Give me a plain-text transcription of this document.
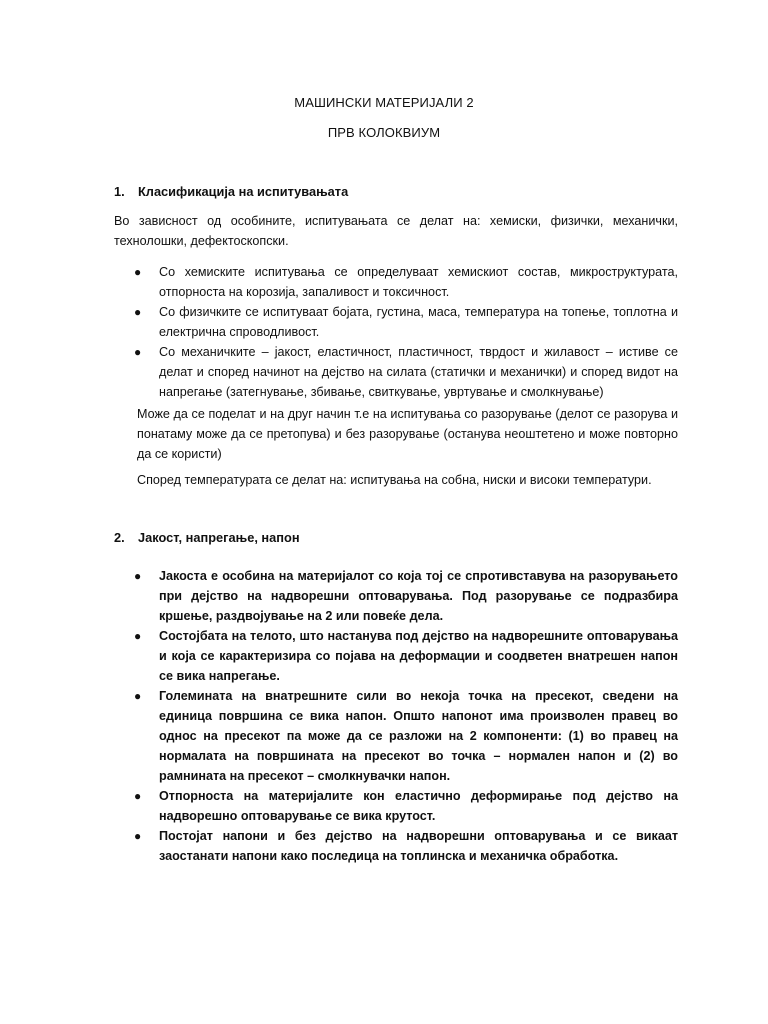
МАШИНСКИ МАТЕРИЈАЛИ 2
ПРВ КОЛОКВИУМ
1. Класификација на испитувањата
Во зависност од особините, испитувањата се делат на: хемиски, физички, механички, технолошки, дефектоскопски.
● Со хемиските испитувања се определуваат хемискиот состав, микроструктурата, отпорноста на корозија, запаливост и токсичност.
● Со физичките се испитуваат бојата, густина, маса, температура на топење, топлотна и електрична спроводливост.
● Со механичките – јакост, еластичност, пластичност, тврдост и жилавост – истиве се делат и според начинот на дејство на силата (статички и механички) и според видот на напрегање (затегнување, збивање, свиткување, увртување и смолкнување)
Може да се поделат и на друг начин т.е на испитувања со разорување (делот се разорува и понатаму може да се претопува) и без разорување (останува неоштетено и може повторно да се користи)
Според температурата се делат на: испитувања на собна, ниски и високи температури.
2. Јакост, напрегање, напон
● Јакоста е особина на материјалот со која тој се спротивставува на разорувањето при дејство на надворешни оптоварувања. Под разорување се подразбира кршење, раздвојување на 2 или повеќе дела.
● Состојбата на телото, што настанува под дејство на надворешните оптоварувања и која се карактеризира со појава на деформации и соодветен внатрешен напон се вика напрегање.
● Големината на внатрешните сили во некоја точка на пресекот, сведени на единица површина се вика напон. Општо напонот има произволен правец во однос на пресекот па може да се разложи на 2 компоненти: (1) во правец на нормалата на површината на пресекот во точка – нормален напон и (2) во рамнината на пресекот – смолкнувачки напон.
● Отпорноста на материјалите кон еластично деформирање под дејство на надворешно оптоварување се вика крутост.
● Постојат напони и без дејство на надворешни оптоварувања и се викаат заостанати напони како последица на топлинска и механичка обработка.
